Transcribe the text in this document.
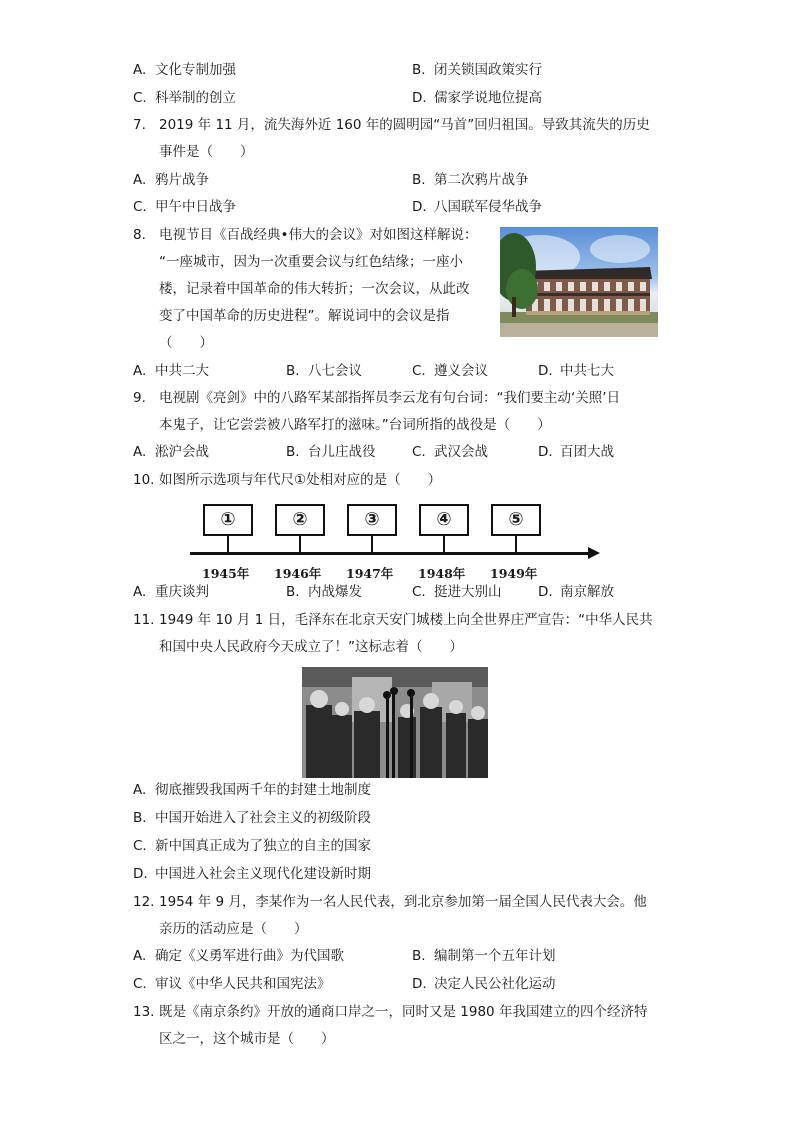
A. 文化专制加强	B. 闭关锁国政策实行
C. 科举制的创立	D. 儒家学说地位提高
7. 2019 年 11 月，流失海外近 160 年的圆明园“马首”回归祖国。导致其流失的历史
事件是（　　）
A. 鸦片战争	B. 第二次鸦片战争
C. 甲午中日战争	D. 八国联军侵华战争
8. 电视节目《百战经典•伟大的会议》对如图这样解说：
“一座城市，因为一次重要会议与红色结缘；一座小
楼，记录着中国革命的伟大转折；一次会议，从此改
变了中国革命的历史进程”。解说词中的会议是指
（　　）
A. 中共二大	B. 八七会议	C. 遵义会议	D. 中共七大
9. 电视剧《亮剑》中的八路军某部指挥员李云龙有句台词：“我们要主动‘关照’日
本鬼子，让它尝尝被八路军打的滋味。”台词所指的战役是（　　）
A. 淞沪会战	B. 台儿庄战役	C. 武汉会战	D. 百团大战
10. 如图所示选项与年代尺①处相对应的是（　　）
①	②	③	④	⑤
1945年 1946年 1947年 1948年 1949年
A. 重庆谈判	B. 内战爆发	C. 挺进大别山	D. 南京解放
11. 1949 年 10 月 1 日，毛泽东在北京天安门城楼上向全世界庄严宣告：“中华人民共
和国中央人民政府今天成立了！”这标志着（　　）
A. 彻底摧毁我国两千年的封建土地制度
B. 中国开始进入了社会主义的初级阶段
C. 新中国真正成为了独立的自主的国家
D. 中国进入社会主义现代化建设新时期
12. 1954 年 9 月，李某作为一名人民代表，到北京参加第一届全国人民代表大会。他
亲历的活动应是（　　）
A. 确定《义勇军进行曲》为代国歌	B. 编制第一个五年计划
C. 审议《中华人民共和国宪法》	D. 决定人民公社化运动
13. 既是《南京条约》开放的通商口岸之一，同时又是 1980 年我国建立的四个经济特
区之一，这个城市是（　　）
